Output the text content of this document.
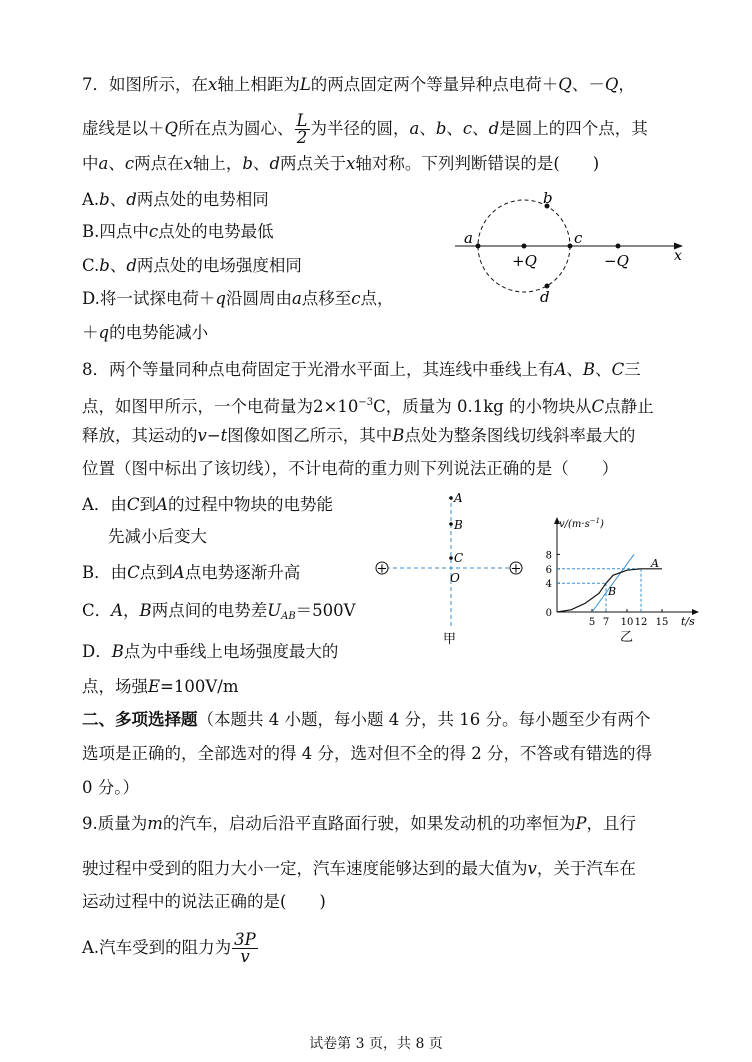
7．如图所示，在x轴上相距为L的两点固定两个等量异种点电荷＋Q、－Q，
虚线是以＋Q所在点为圆心、 $\frac{L}{2}$ 为半径的圆，a、b、c、d是圆上的四个点，其
中a、c两点在x轴上，b、d两点关于x轴对称。下列判断错误的是(　　)
A.b、d两点处的电势相同
B.四点中c点处的电势最低
C.b、d两点处的电场强度相同
D.将一试探电荷＋q沿圆周由a点移至c点，
＋q的电势能减小
a
b
c
d
+Q	−Q	x
8．两个等量同种点电荷固定于光滑水平面上，其连线中垂线上有A、B、C三
点，如图甲所示，一个电荷量为$2\times 10^{-3}C$，质量为 0.1kg 的小物块从C点静止
释放，其运动的v−t图像如图乙所示，其中B点处为整条图线切线斜率最大的
位置（图中标出了该切线），不计电荷的重力则下列说法正确的是（　　）
A．由C到A的过程中物块的电势能
先减小后变大
B．由C点到A点电势逐渐升高
C．A，B两点间的电势差$U_{AB}=500V$
D．B点为中垂线上电场强度最大的
点，场强E=100V/m
+	+
A
B
C
O
甲
$v/(m\cdot s^{-1})$
t/s
5 7 10 12 15
0
4
6
8
A
B
乙
二、多项选择题（本题共 4 小题，每小题 4 分，共 16 分。每小题至少有两个
选项是正确的，全部选对的得 4 分，选对但不全的得 2 分，不答或有错选的得
0 分。）
9.质量为m的汽车，启动后沿平直路面行驶，如果发动机的功率恒为P，且行
驶过程中受到的阻力大小一定，汽车速度能够达到的最大值为v，关于汽车在
运动过程中的说法正确的是(　　)
A.汽车受到的阻力为 $\frac{3P}{v}$
试卷第 3 页，共 8 页
